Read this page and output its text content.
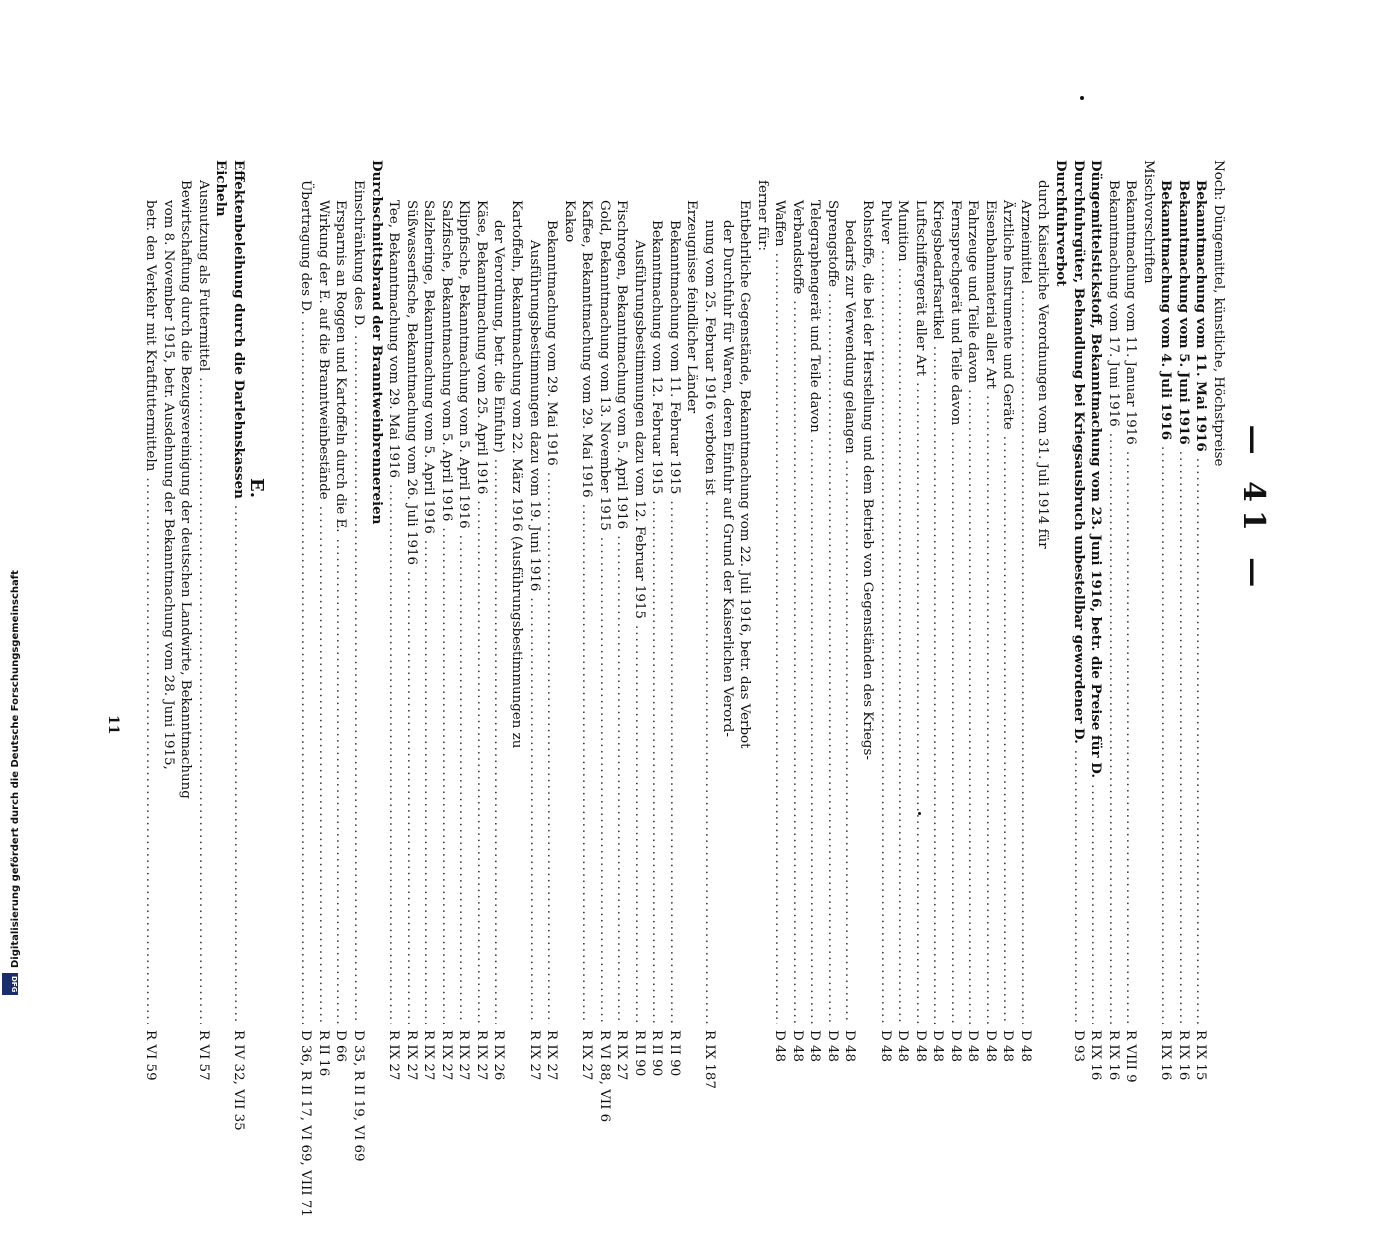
— 41 —
Noch: Düngemittel, künstliche, Höchstpreise
Bekanntmachung vom 11. Mai 1916
.....
R IX 15
Bekanntmachung vom 5. Juni 1916
.....
R IX 16
Bekanntmachung vom 4. Juli 1916
.....
R IX 16
Mischvorschriften
Bekanntmachung vom 11. Januar 1916
.....
R VIII 9
Bekanntmachung vom 17. Juni 1916
.....
R IX 16
Düngemittelstickstoff, Bekanntmachung vom 23. Juni 1916, betr. die Preise für D.
.....
R IX 16
Durchfuhrgüter, Behandlung bei Kriegsausbruch unbestellbar gewordener D.
.....
D 93
Durchfuhrverbot
durch Kaiserliche Verordnungen vom 31. Juli 1914 für
Arzneimittel
.....
D 48
Ärztliche Instrumente und Geräte
.....
D 48
Eisenbahnmaterial aller Art
.....
D 48
Fahrzeuge und Teile davon
.....
D 48
Fernsprechgerät und Teile davon
.....
D 48
Kriegsbedarfsartikel
.....
D 48
Luftschiffergerät aller Art
.....
D 48
Munition
.....
D 48
Pulver
.....
D 48
Rohstoffe, die bei der Herstellung und dem Betrieb von Gegenständen des Kriegs-
bedarfs zur Verwendung gelangen
.....
D 48
Sprengstoffe
.....
D 48
Telegraphengerät und Teile davon
.....
D 48
Verbandstoffe
.....
D 48
Waffen
.....
D 48
ferner für:
Entbehrliche Gegenstände, Bekanntmachung vom 22. Juli 1916, betr. das Verbot
der Durchfuhr für Waren, deren Einfuhr auf Grund der Kaiserlichen Verord-
nung vom 25. Februar 1916 verboten ist
.....
R IX 187
Erzeugnisse feindlicher Länder
Bekanntmachung vom 11. Februar 1915
.....
R II 90
Bekanntmachung vom 12. Februar 1915
.....
R II 90
Ausführungsbestimmungen dazu vom 12. Februar 1915
.....
R II 90
Fischrogen, Bekanntmachung vom 5. April 1916
.....
R IX 27
Gold, Bekanntmachung vom 13. November 1915
.....
R VI 88, VII 6
Kaffee, Bekanntmachung vom 29. Mai 1916
.....
R IX 27
Kakao
Bekanntmachung vom 29. Mai 1916
.....
R IX 27
Ausführungsbestimmungen dazu vom 19. Juni 1916
.....
R IX 27
Kartoffeln, Bekanntmachung vom 22. März 1916 (Ausführungsbestimmungen zu
der Verordnung, betr. die Einfuhr)
.....
R IX 26
Käse, Bekanntmachung vom 25. April 1916
.....
R IX 27
Klippfische, Bekanntmachung vom 5. April 1916
.....
R IX 27
Salzfische, Bekanntmachung vom 5. April 1916
.....
R IX 27
Salzheringe, Bekanntmachung vom 5. April 1916
.....
R IX 27
Süßwasserfische, Bekanntmachung vom 26. Juli 1916
.....
R IX 27
Tee, Bekanntmachung vom 29. Mai 1916
.....
R IX 27
Durchschnittsbrand der Branntweinbrennereien
Einschränkung des D.
.....
D 35, R II 19, VI 69
Ersparnis an Roggen und Kartoffeln durch die E.
.....
D 66
Wirkung der E. auf die Branntweinbestände
.....
R II 16
Übertragung des D.
.....
D 36, R II 17, VI 69, VIII 71
Effektenbeleihung durch die Darlehnskassen
.....
R IV 32, VII 35
Eicheln
Ausnutzung als Futtermittel
.....
R VI 57
Bewirtschaftung durch die Bezugsvereinigung der deutschen Landwirte, Bekanntmachung
vom 8. November 1915, betr. Ausdehnung der Bekanntmachung vom 28. Juni 1915,
betr. den Verkehr mit Kraftfuttermitteln
.....
R VI 59
11
E.
DFG
Digitalisierung gefördert durch die Deutsche Forschungsgemeinschaft
